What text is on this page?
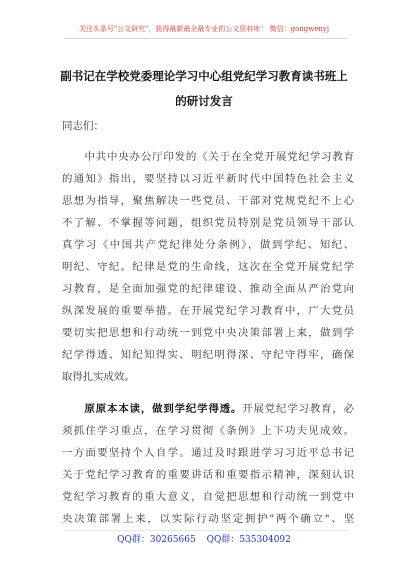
关注头条号"公文研究"，获得最新最全最专业的公文资料库！ 微信：gongwenyj
副书记在学校党委理论学习中心组党纪学习教育读书班上
的研讨发言
同志们：
　　中共中央办公厅印发的《关于在全党开展党纪学习教育
的通知》指出，要坚持以习近平新时代中国特色社会主义
思想为指导，聚焦解决一些党员、干部对党规党纪不上心
不了解、不掌握等问题，组织党员特别是党员领导干部认
真学习《中国共产党纪律处分条例》，做到学纪、知纪、
明纪、守纪。纪律是党的生命线，这次在全党开展党纪学
习教育，是全面加强党的纪律建设、推动全面从严治党向
纵深发展的重要举措。在开展党纪学习教育中，广大党员
要切实把思想和行动统一到党中央决策部署上来，做到学
纪学得透、知纪知得实、明纪明得深、守纪守得牢，确保
取得扎实成效。
　　原原本本读，做到学纪学得透。开展党纪学习教育，必
须抓住学习重点，在学习贯彻《条例》上下功夫见成效。
一方面要坚持个人自学。通过及时跟进学习习近平总书记
关于党纪学习教育的重要讲话和重要指示精神，深刻认识
党纪学习教育的重大意义，自觉把思想和行动统一到党中
央决策部署上来，以实际行动坚定拥护"两个确立"、坚
QQ群：30265665 QQ群：535304092
